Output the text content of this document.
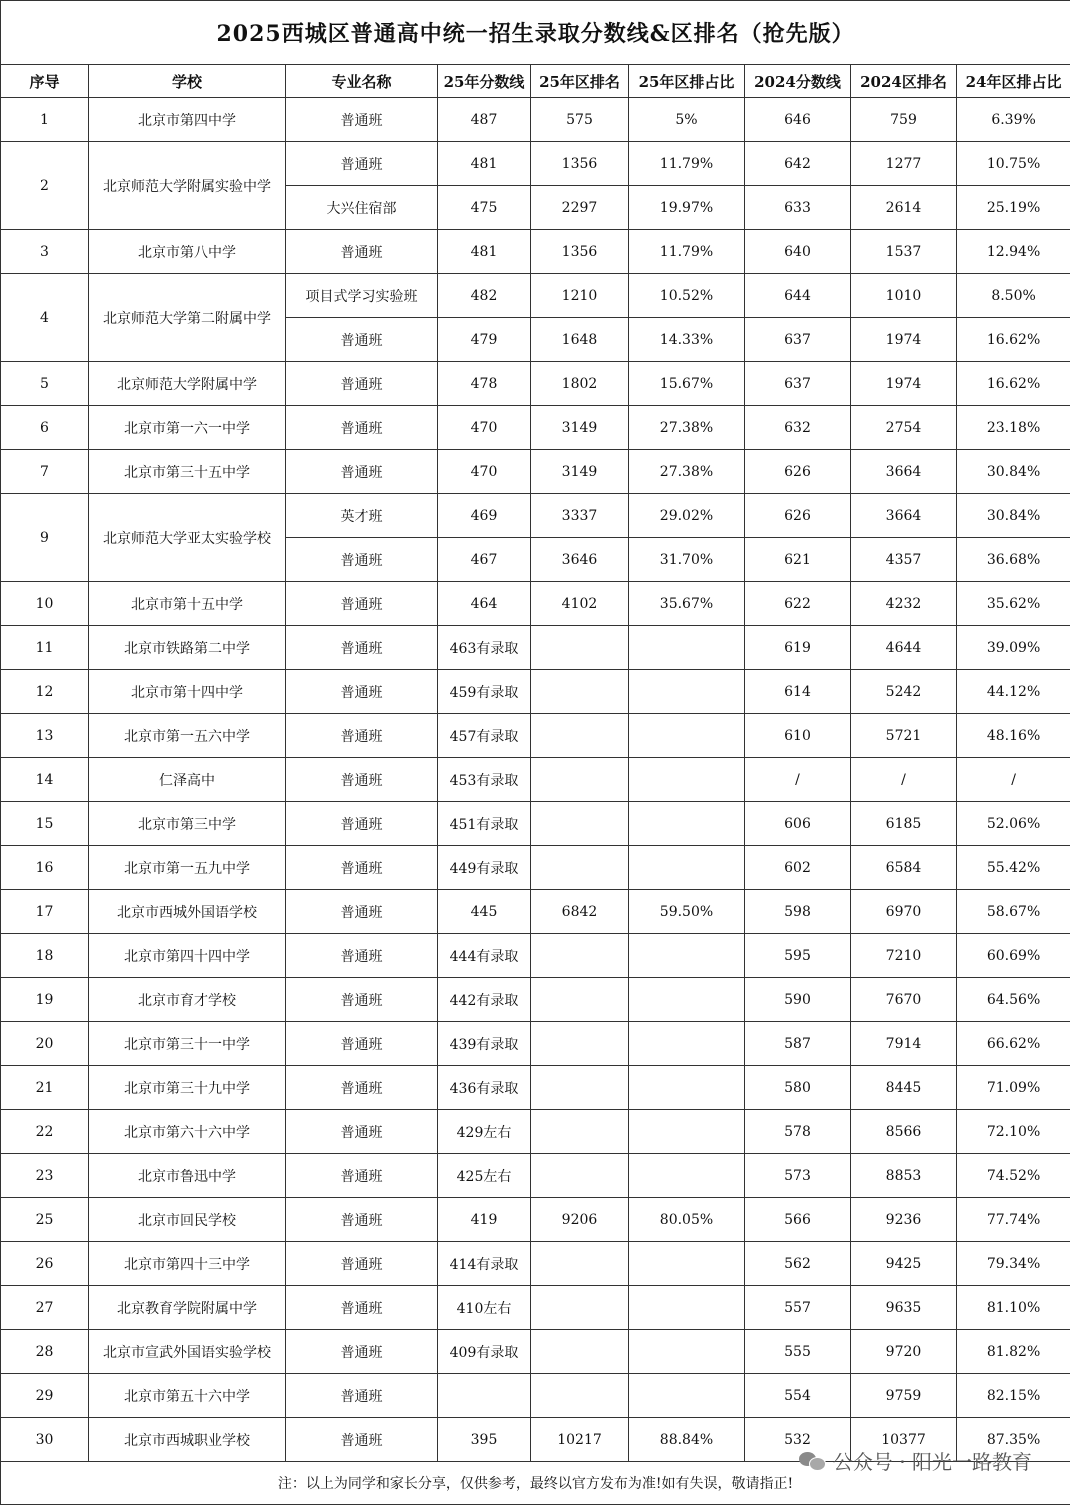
2025西城区普通高中统一招生录取分数线&区排名（抢先版）								
序导	学校	专业名称	25年分数线	25年区排名	25年区排占比	2024分数线	2024区排名	24年区排占比
1	北京市第四中学	普通班	487	575	5%	646	759	6.39%
2	北京师范大学附属实验中学	普通班	481	1356	11.79%	642	1277	10.75%
		大兴住宿部	475	2297	19.97%	633	2614	25.19%
3	北京市第八中学	普通班	481	1356	11.79%	640	1537	12.94%
4	北京师范大学第二附属中学	项目式学习实验班	482	1210	10.52%	644	1010	8.50%
		普通班	479	1648	14.33%	637	1974	16.62%
5	北京师范大学附属中学	普通班	478	1802	15.67%	637	1974	16.62%
6	北京市第一六一中学	普通班	470	3149	27.38%	632	2754	23.18%
7	北京市第三十五中学	普通班	470	3149	27.38%	626	3664	30.84%
9	北京师范大学亚太实验学校	英才班	469	3337	29.02%	626	3664	30.84%
		普通班	467	3646	31.70%	621	4357	36.68%
10	北京市第十五中学	普通班	464	4102	35.67%	622	4232	35.62%
11	北京市铁路第二中学	普通班	463有录取			619	4644	39.09%
12	北京市第十四中学	普通班	459有录取			614	5242	44.12%
13	北京市第一五六中学	普通班	457有录取			610	5721	48.16%
14	仁泽高中	普通班	453有录取			/	/	/
15	北京市第三中学	普通班	451有录取			606	6185	52.06%
16	北京市第一五九中学	普通班	449有录取			602	6584	55.42%
17	北京市西城外国语学校	普通班	445	6842	59.50%	598	6970	58.67%
18	北京市第四十四中学	普通班	444有录取			595	7210	60.69%
19	北京市育才学校	普通班	442有录取			590	7670	64.56%
20	北京市第三十一中学	普通班	439有录取			587	7914	66.62%
21	北京市第三十九中学	普通班	436有录取			580	8445	71.09%
22	北京市第六十六中学	普通班	429左右			578	8566	72.10%
23	北京市鲁迅中学	普通班	425左右			573	8853	74.52%
25	北京市回民学校	普通班	419	9206	80.05%	566	9236	77.74%
26	北京市第四十三中学	普通班	414有录取			562	9425	79.34%
27	北京教育学院附属中学	普通班	410左右			557	9635	81.10%
28	北京市宣武外国语实验学校	普通班	409有录取			555	9720	81.82%
29	北京市第五十六中学	普通班				554	9759	82.15%
30	北京市西城职业学校	普通班	395	10217	88.84%	532	10377	87.35%
注：以上为同学和家长分享，仅供参考，最终以官方发布为准!如有失误，敬请指正!								
公众号 · 阳光一路教育
